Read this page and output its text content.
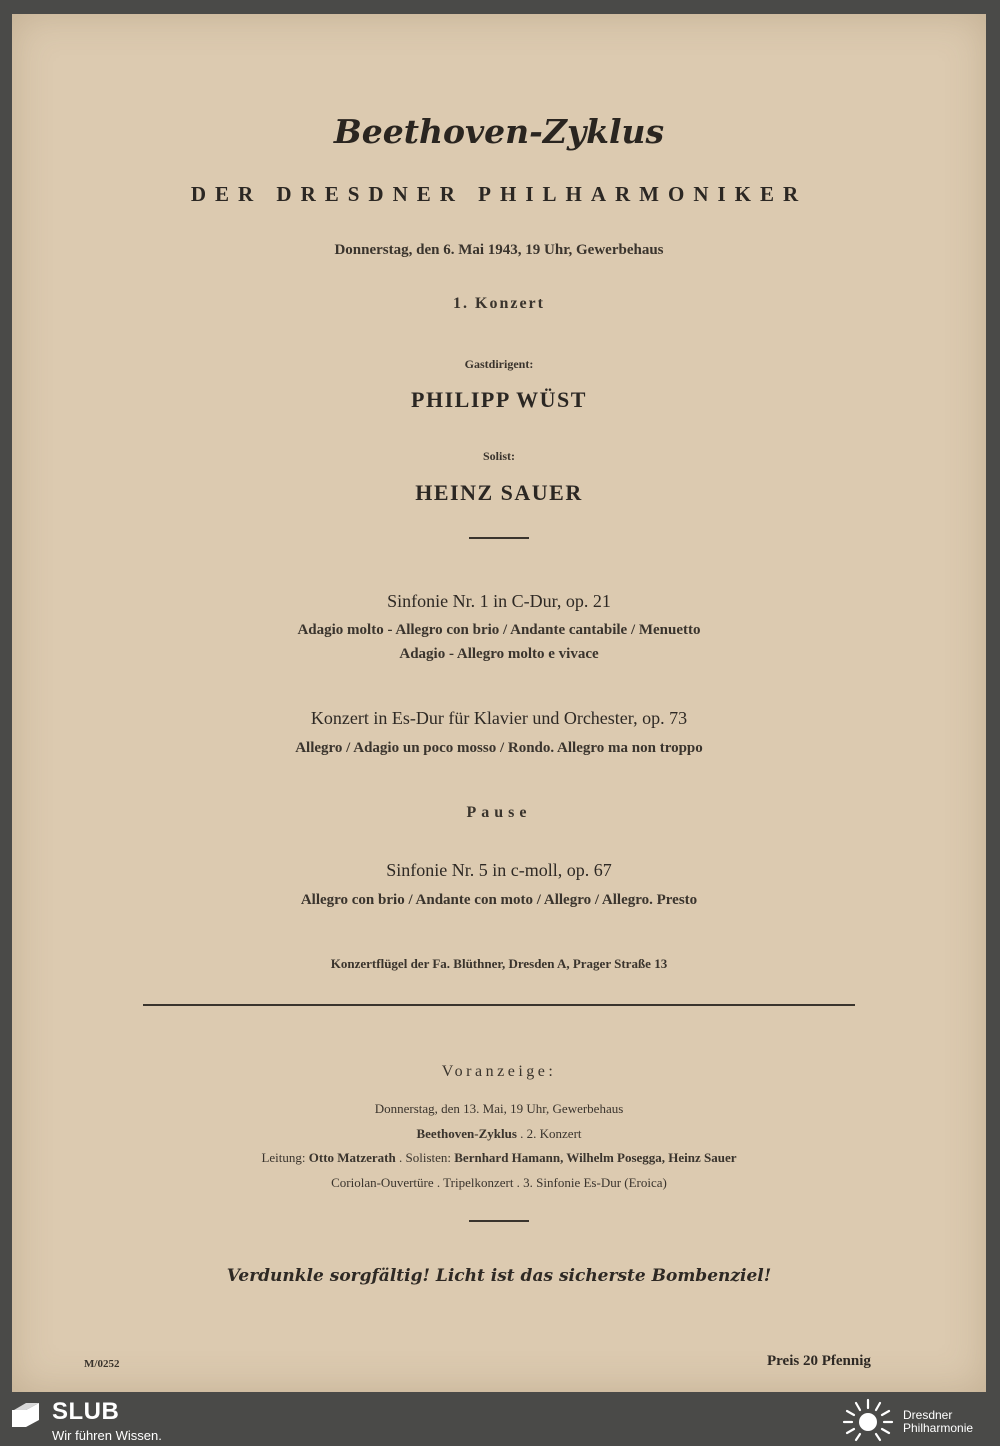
Beethoven-Zyklus
DER DRESDNER PHILHARMONIKER
Donnerstag, den 6. Mai 1943, 19 Uhr, Gewerbehaus
1. Konzert
Gastdirigent:
PHILIPP WÜST
Solist:
HEINZ SAUER
Sinfonie Nr. 1 in C-Dur, op. 21
Adagio molto - Allegro con brio / Andante cantabile / Menuetto
Adagio - Allegro molto e vivace
Konzert in Es-Dur für Klavier und Orchester, op. 73
Allegro / Adagio un poco mosso / Rondo. Allegro ma non troppo
Pause
Sinfonie Nr. 5 in c-moll, op. 67
Allegro con brio / Andante con moto / Allegro / Allegro. Presto
Konzertflügel der Fa. Blüthner, Dresden A, Prager Straße 13
Voranzeige:
Donnerstag, den 13. Mai, 19 Uhr, Gewerbehaus
Beethoven-Zyklus . 2. Konzert
Leitung: Otto Matzerath . Solisten: Bernhard Hamann, Wilhelm Posegga, Heinz Sauer
Coriolan-Ouvertüre . Tripelkonzert . 3. Sinfonie Es-Dur (Eroica)
Verdunkle sorgfältig! Licht ist das sicherste Bombenziel!
M/0252	Preis 20 Pfennig
SLUB
Wir führen Wissen.
Dresdner
Philharmonie
